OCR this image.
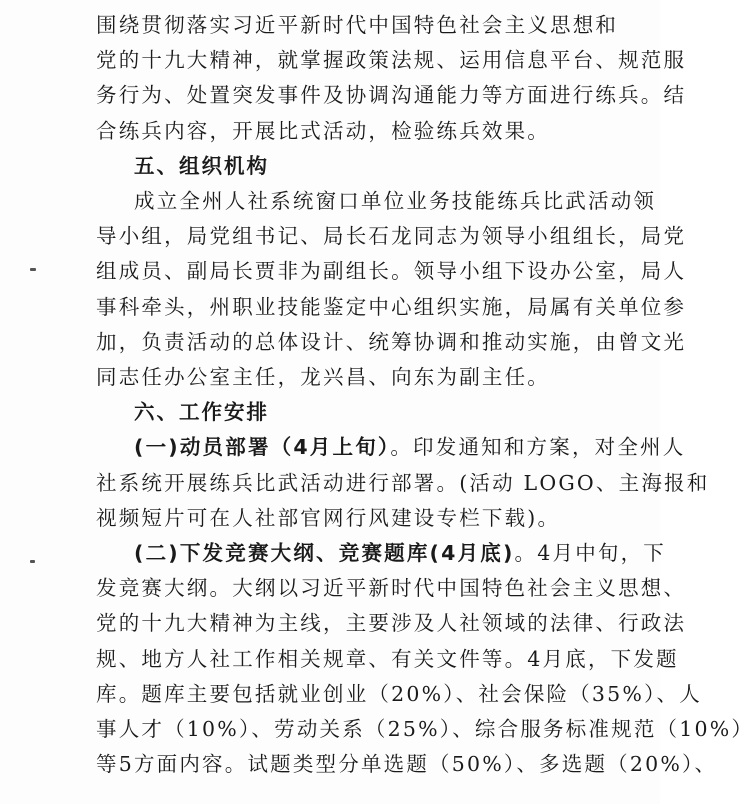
围绕贯彻落实习近平新时代中国特色社会主义思想和
党的十九大精神，就掌握政策法规、运用信息平台、规范服
务行为、处置突发事件及协调沟通能力等方面进行练兵。结
合练兵内容，开展比式活动，检验练兵效果。
五、组织机构
成立全州人社系统窗口单位业务技能练兵比武活动领
导小组，局党组书记、局长石龙同志为领导小组组长，局党
组成员、副局长贾非为副组长。领导小组下设办公室，局人
事科牵头，州职业技能鉴定中心组织实施，局属有关单位参
加，负责活动的总体设计、统筹协调和推动实施，由曾文光
同志任办公室主任，龙兴昌、向东为副主任。
六、工作安排
(一)动员部署（4月上旬）。印发通知和方案，对全州人
社系统开展练兵比武活动进行部署。(活动 LOGO、主海报和
视频短片可在人社部官网行风建设专栏下载)。
(二)下发竞赛大纲、竞赛题库(4月底)。4月中旬，下
发竞赛大纲。大纲以习近平新时代中国特色社会主义思想、
党的十九大精神为主线，主要涉及人社领域的法律、行政法
规、地方人社工作相关规章、有关文件等。4月底，下发题
库。题库主要包括就业创业（20%）、社会保险（35%）、人
事人才（10%）、劳动关系（25%）、综合服务标准规范（10%）
等5方面内容。试题类型分单选题（50%）、多选题（20%）、
